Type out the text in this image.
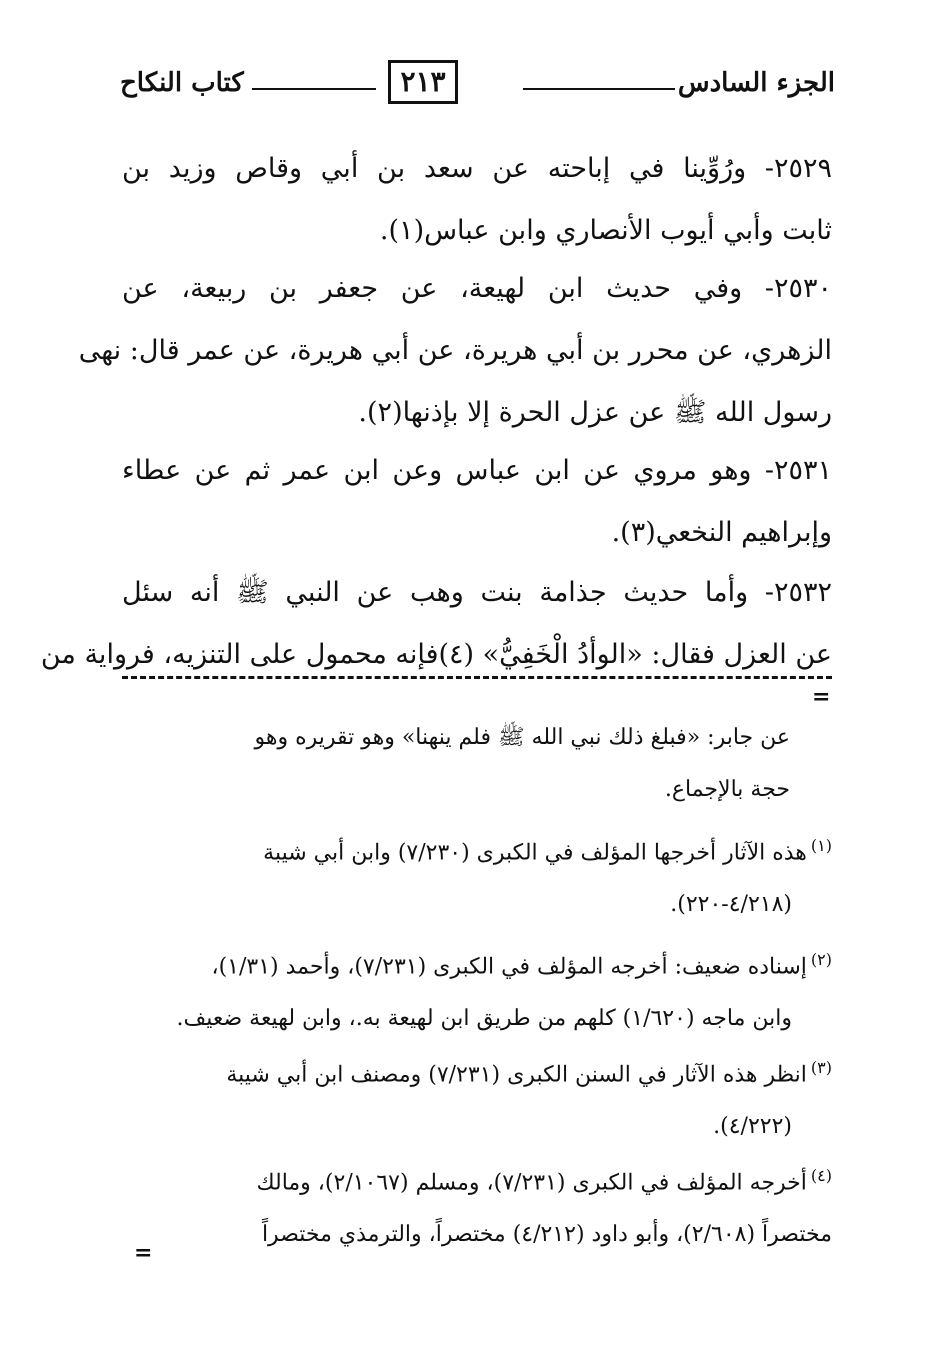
الجزء السادس
٢١٣
كتاب النكاح
٢٥٢٩- ورُوِّينا في إباحته عن سعد بن أبي وقاص وزيد بن
ثابت وأبي أيوب الأنصاري وابن عباس(١).
٢٥٣٠- وفي حديث ابن لهيعة، عن جعفر بن ربيعة، عن
الزهري، عن محرر بن أبي هريرة، عن أبي هريرة، عن عمر قال: نهى
رسول الله ﷺ عن عزل الحرة إلا بإذنها(٢).
٢٥٣١- وهو مروي عن ابن عباس وعن ابن عمر ثم عن عطاء
وإبراهيم النخعي(٣).
٢٥٣٢- وأما حديث جذامة بنت وهب عن النبي ﷺ أنه سئل
عن العزل فقال: «الوأدُ الْخَفِيُّ» (٤)فإنه محمول على التنزيه، فرواية من
=
عن جابر: «فبلغ ذلك نبي الله ﷺ فلم ينهنا» وهو تقريره وهو
حجة بالإجماع.
$^{(١)}$هذه الآثار أخرجها المؤلف في الكبرى (٧/٢٣٠) وابن أبي شيبة
(٤/٢١٨-٢٢٠).
$^{(٢)}$إسناده ضعيف: أخرجه المؤلف في الكبرى (٧/٢٣١)، وأحمد (١/٣١)،
وابن ماجه (١/٦٢٠) كلهم من طريق ابن لهيعة به.، وابن لهيعة ضعيف.
$^{(٣)}$انظر هذه الآثار في السنن الكبرى (٧/٢٣١) ومصنف ابن أبي شيبة
(٤/٢٢٢).
$^{(٤)}$أخرجه المؤلف في الكبرى (٧/٢٣١)، ومسلم (٢/١٠٦٧)، ومالك
مختصراً (٢/٦٠٨)، وأبو داود (٤/٢١٢) مختصراً، والترمذي مختصراً
=
